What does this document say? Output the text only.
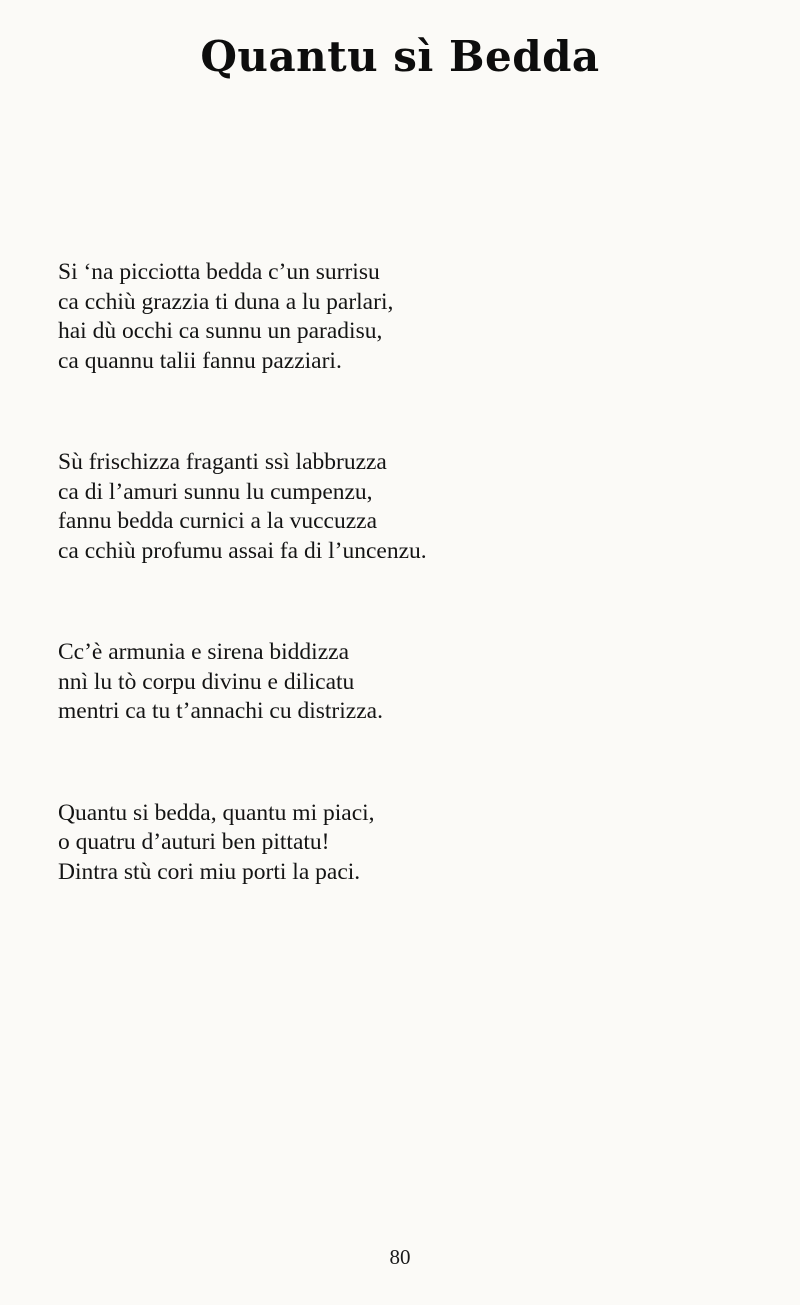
Quantu sì Bedda
Si ‘na picciotta bedda c’un surrisu
ca cchiù grazzia ti duna a lu parlari,
hai dù occhi ca sunnu un paradisu,
ca quannu talii fannu pazziari.
Sù frischizza fraganti ssì labbruzza
ca di l’amuri sunnu lu cumpenzu,
fannu bedda curnici a la vuccuzza
ca cchiù profumu assai fa di l’uncenzu.
Cc’è armunia e sirena biddizza
nnì lu tò corpu divinu e dilicatu
mentri ca tu t’annachi cu distrizza.
Quantu si bedda, quantu mi piaci,
o quatru d’auturi ben pittatu!
Dintra stù cori miu porti la paci.
80
